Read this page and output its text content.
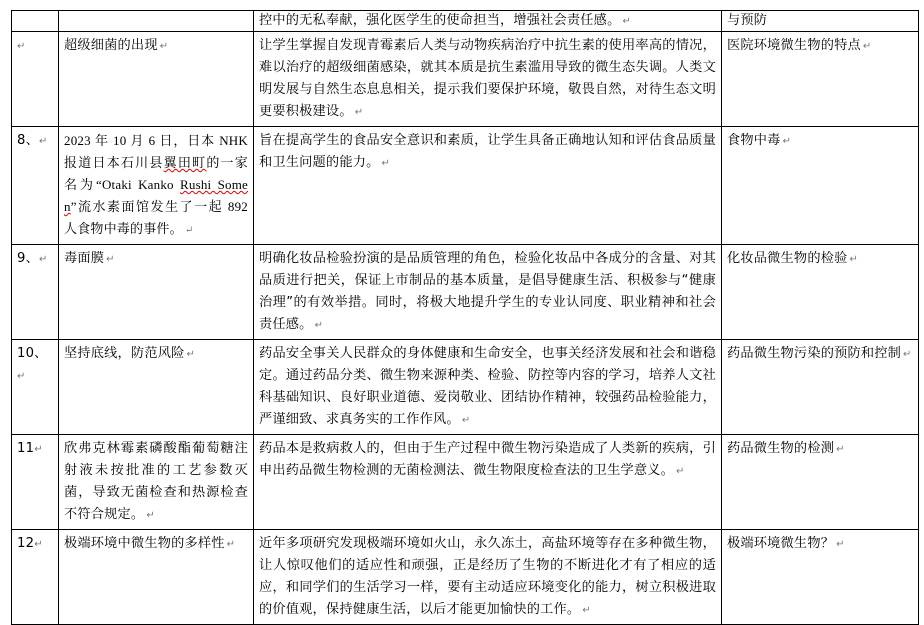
		控中的无私奉献，强化医学生的使命担当，增强社会责任感。 ↵	与预防
↵	超级细菌的出现 ↵	让学生掌握自发现青霉素后人类与动物疾病治疗中抗生素的使用率高的情况，难以治疗的超级细菌感染，就其本质是抗生素滥用导致的微生态失调。人类文明发展与自然生态息息相关，提示我们要保护环境，敬畏自然，对待生态文明更要积极建设。 ↵	医院环境微生物的特点 ↵
8、↵	2023 年 10 月 6 日，日本 NHK 报道日本石川县翼田町的一家名为“Otaki Kanko Rushi Somen”流水素面馆发生了一起 892 人食物中毒的事件。 ↵	旨在提高学生的食品安全意识和素质，让学生具备正确地认知和评估食品质量和卫生问题的能力。 ↵	食物中毒 ↵
9、↵	毒面膜 ↵	明确化妆品检验扮演的是品质管理的角色，检验化妆品中各成分的含量、对其品质进行把关，保证上市制品的基本质量，是倡导健康生活、积极参与“健康治理”的有效举措。同时，将极大地提升学生的专业认同度、职业精神和社会责任感。 ↵	化妆品微生物的检验 ↵
10、↵	坚持底线，防范风险 ↵	药品安全事关人民群众的身体健康和生命安全，也事关经济发展和社会和谐稳定。通过药品分类、微生物来源种类、检验、防控等内容的学习，培养人文社科基础知识、良好职业道德、爱岗敬业、团结协作精神，较强药品检验能力，严谨细致、求真务实的工作作风。 ↵	药品微生物污染的预防和控制 ↵
11↵	欣弗克林霉素磷酸酯葡萄糖注射液未按批准的工艺参数灭菌，导致无菌检查和热源检查不符合规定。 ↵	药品本是救病救人的，但由于生产过程中微生物污染造成了人类新的疾病，引申出药品微生物检测的无菌检测法、微生物限度检查法的卫生学意义。 ↵	药品微生物的检测 ↵
12↵	极端环境中微生物的多样性 ↵	近年多项研究发现极端环境如火山，永久冻土，高盐环境等存在多种微生物，让人惊叹他们的适应性和顽强，正是经历了生物的不断进化才有了相应的适应，和同学们的生活学习一样，要有主动适应环境变化的能力，树立积极进取的价值观，保持健康生活，以后才能更加愉快的工作。 ↵	极端环境微生物？ ↵
